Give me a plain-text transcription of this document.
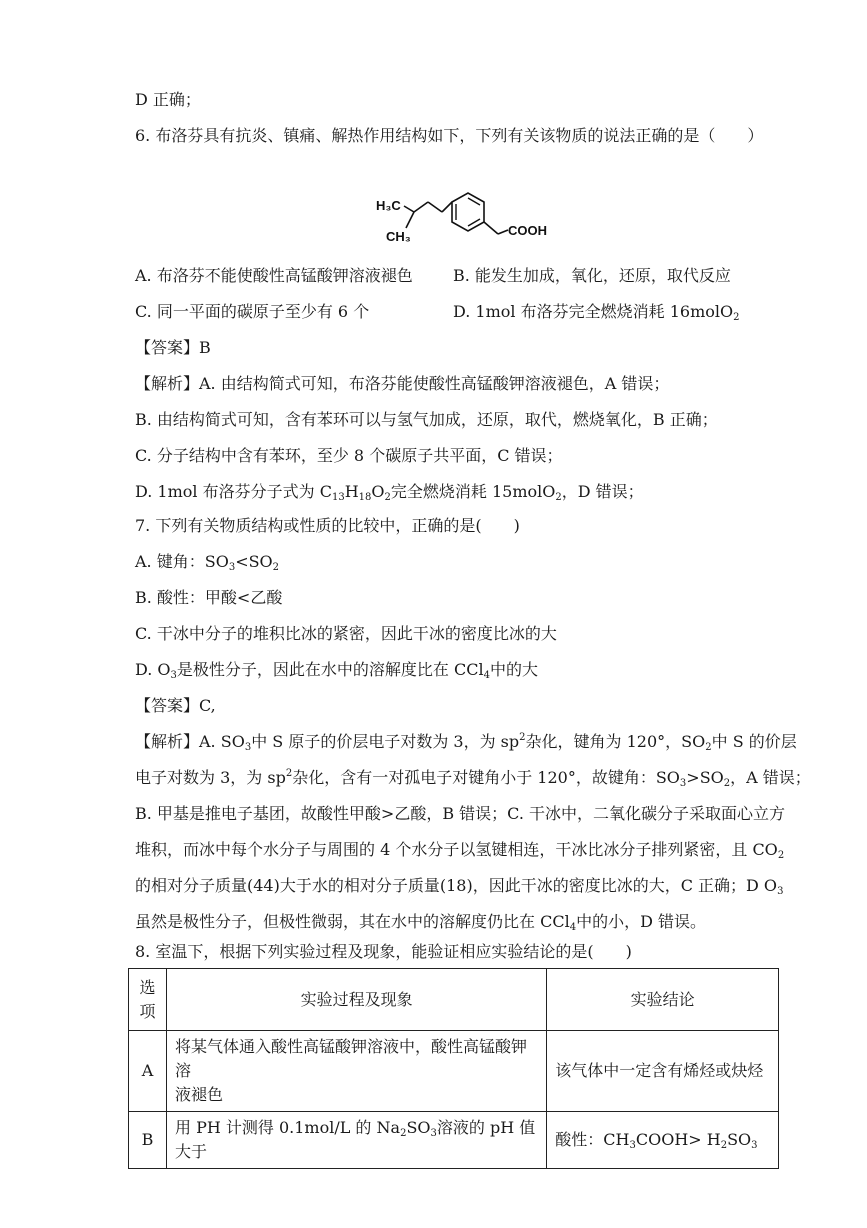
D 正确；
6. 布洛芬具有抗炎、镇痛、解热作用结构如下，下列有关该物质的说法正确的是（　　）
H₃C
CH₃	COOH
A. 布洛芬不能使酸性高锰酸钾溶液褪色	B. 能发生加成，氧化，还原，取代反应
C. 同一平面的碳原子至少有 6 个	D. 1mol 布洛芬完全燃烧消耗 16molO$_2$
【答案】B
【解析】A. 由结构简式可知，布洛芬能使酸性高锰酸钾溶液褪色，A 错误；
B. 由结构简式可知，含有苯环可以与氢气加成，还原，取代，燃烧氧化，B 正确；
C. 分子结构中含有苯环，至少 8 个碳原子共平面，C 错误；
D. 1mol 布洛芬分子式为 $C_{13}H_{18}O_2$完全燃烧消耗 15molO$_2$，D 错误；
7. 下列有关物质结构或性质的比较中，正确的是(　　)
A. 键角：$SO_3<SO_2$
B. 酸性：甲酸<乙酸
C. 干冰中分子的堆积比冰的紧密，因此干冰的密度比冰的大
D. $O_3$是极性分子，因此在水中的溶解度比在 CCl$_4$中的大
【答案】C,
【解析】A. $SO_3$中 S 原子的价层电子对数为 3，为 $sp^2$杂化，键角为 120°，$SO_2$中 S 的价层
电子对数为 3，为 $sp^2$杂化，含有一对孤电子对键角小于 120°，故键角：$SO_3>SO_2$，A 错误；
B. 甲基是推电子基团，故酸性甲酸>乙酸，B 错误；C. 干冰中，二氧化碳分子采取面心立方
堆积，而冰中每个水分子与周围的 4 个水分子以氢键相连，干冰比冰分子排列紧密，且 $CO_2$
的相对分子质量(44)大于水的相对分子质量(18)，因此干冰的密度比冰的大，C 正确；D $O_3$
虽然是极性分子，但极性微弱，其在水中的溶解度仍比在 CCl$_4$中的小，D 错误。
8. 室温下，根据下列实验过程及现象，能验证相应实验结论的是(　　)
选
项	实验过程及现象	实验结论
A	将某气体通入酸性高锰酸钾溶液中，酸性高锰酸钾溶
液褪色	该气体中一定含有烯烃或炔烃
B	用 PH 计测得 0.1mol/L 的 $Na_2SO_3$溶液的 pH 值大于	酸性：$CH_3COOH> H_2SO_3$
